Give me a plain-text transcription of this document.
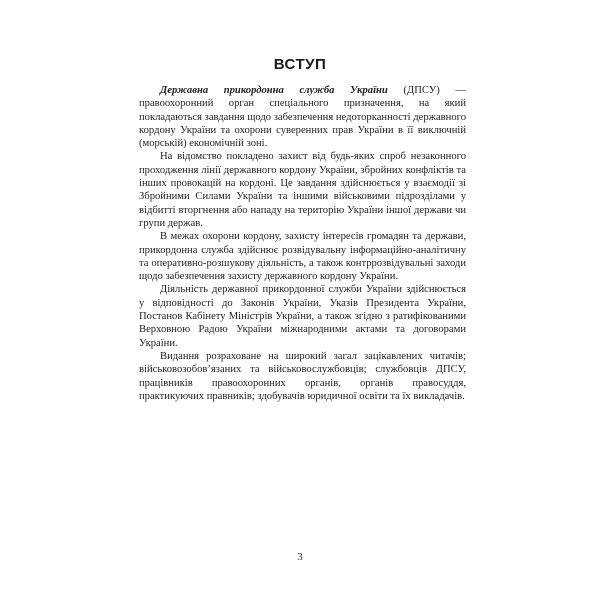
ВСТУП

Державна прикордонна служба України (ДПСУ) — правоохоронний орган спеціального призначення, на який покладаються завдання щодо забезпечення недоторканності державного кордону України та охорони суверенних прав України в її виключній (морській) економічній зоні.

На відомство покладено захист від будь-яких спроб незаконного проходження лінії державного кордону України, збройних конфліктів та інших провокацій на кордоні. Це завдання здійснюється у взаємодії зі Збройними Силами України та іншими військовими підрозділами у відбитті вторгнення або нападу на територію України іншої держави чи групи держав.

В межах охорони кордону, захисту інтересів громадян та держави, прикордонна служба здійснює розвідувальну інформаційно-аналітичну та оперативно-розшукову діяльність, а також контррозвідувальні заходи щодо забезпечення захисту державного кордону України.

Діяльність державної прикордонної служби України здійснюється у відповідності до Законів України, Указів Президента України, Постанов Кабінету Міністрів України, а також згідно з ратифікованими Верховною Радою України міжнародними актами та договорами України.

Видання розраховане на широкий загал зацікавлених читачів; військовозобов’язаних та військовослужбовців; службовців ДПСУ, працівників правоохоронних органів, органів правосуддя, практикуючих правників; здобувачів юридичної освіти та їх викладачів.

3
